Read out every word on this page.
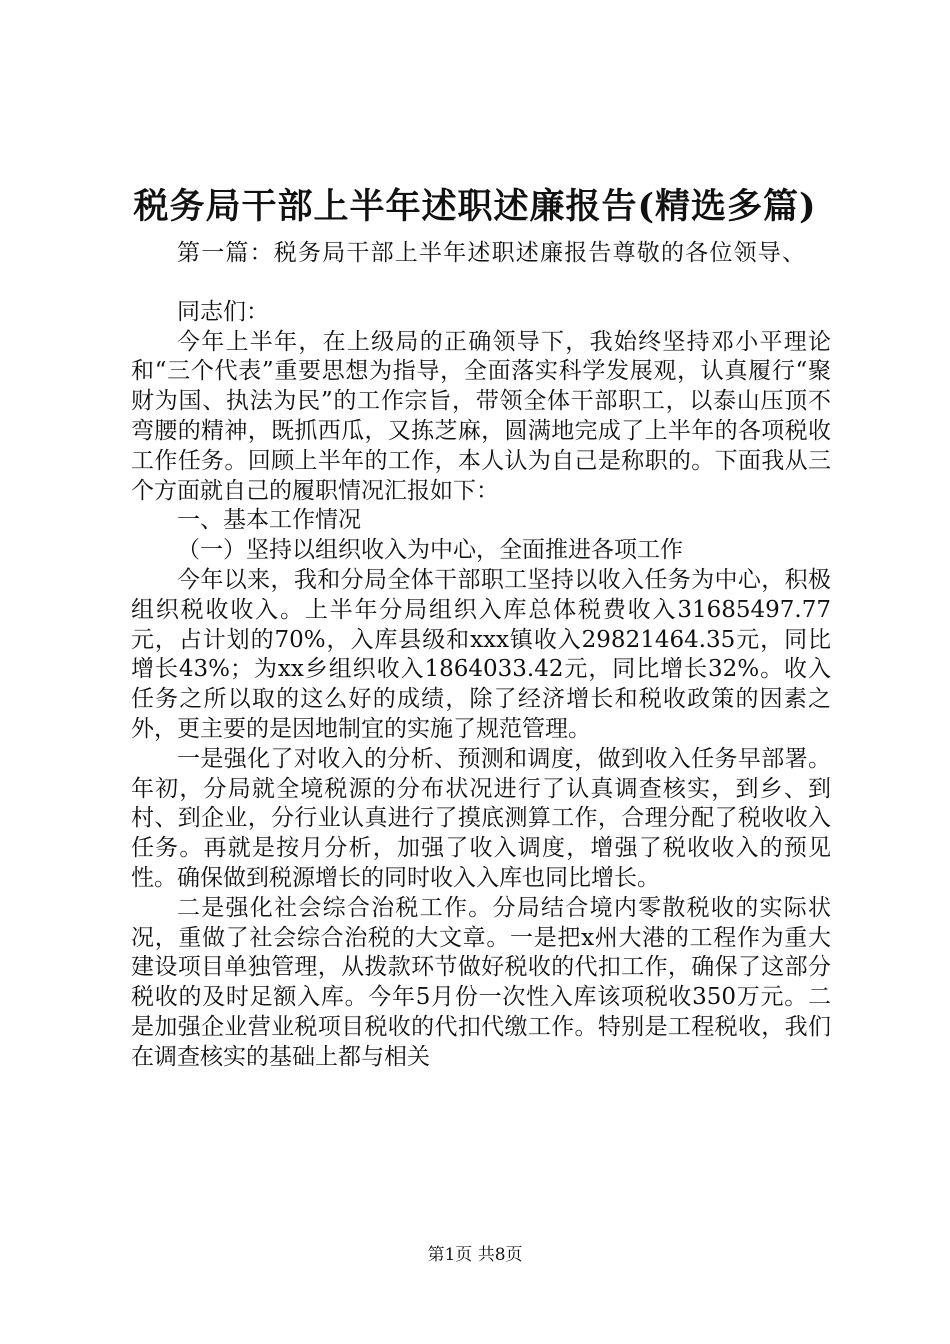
税务局干部上半年述职述廉报告(精选多篇)

第一篇：税务局干部上半年述职述廉报告尊敬的各位领导、

同志们：

今年上半年，在上级局的正确领导下，我始终坚持邓小平理论和“三个代表”重要思想为指导，全面落实科学发展观，认真履行“聚财为国、执法为民”的工作宗旨，带领全体干部职工，以泰山压顶不弯腰的精神，既抓西瓜，又拣芝麻，圆满地完成了上半年的各项税收工作任务。回顾上半年的工作，本人认为自己是称职的。下面我从三个方面就自己的履职情况汇报如下：

一、基本工作情况

（一）坚持以组织收入为中心，全面推进各项工作

今年以来，我和分局全体干部职工坚持以收入任务为中心，积极组织税收收入。上半年分局组织入库总体税费收入31685497.77元，占计划的70%，入库县级和xxx镇收入29821464.35元，同比增长43%；为xx乡组织收入1864033.42元，同比增长32%。收入任务之所以取的这么好的成绩，除了经济增长和税收政策的因素之外，更主要的是因地制宜的实施了规范管理。

一是强化了对收入的分析、预测和调度，做到收入任务早部署。年初，分局就全境税源的分布状况进行了认真调查核实，到乡、到村、到企业，分行业认真进行了摸底测算工作，合理分配了税收收入任务。再就是按月分析，加强了收入调度，增强了税收收入的预见性。确保做到税源增长的同时收入入库也同比增长。

二是强化社会综合治税工作。分局结合境内零散税收的实际状况，重做了社会综合治税的大文章。一是把x州大港的工程作为重大建设项目单独管理，从拨款环节做好税收的代扣工作，确保了这部分税收的及时足额入库。今年5月份一次性入库该项税收350万元。二是加强企业营业税项目税收的代扣代缴工作。特别是工程税收，我们在调查核实的基础上都与相关

第1页 共8页
